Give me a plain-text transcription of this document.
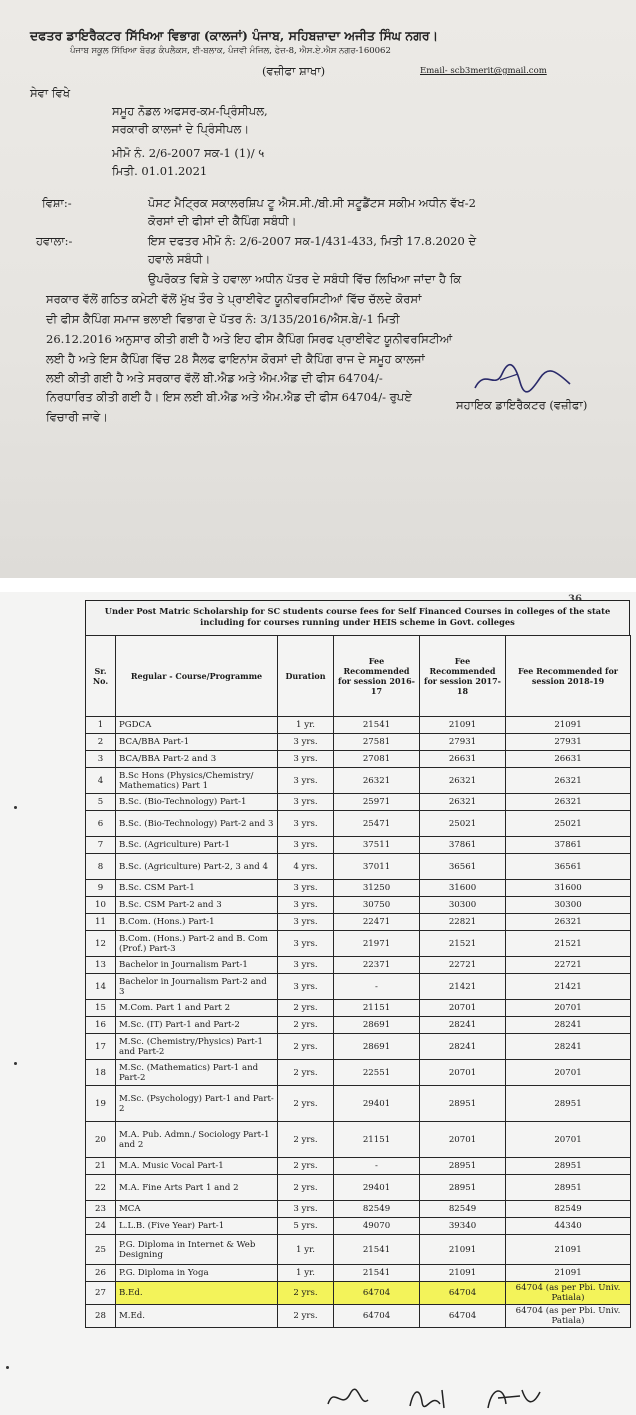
ਦਫਤਰ ਡਾਇਰੈਕਟਰ ਸਿੱਖਿਆ ਵਿਭਾਗ (ਕਾਲਜਾਂ) ਪੰਜਾਬ, ਸਹਿਬਜ਼ਾਦਾ ਅਜੀਤ ਸਿੰਘ ਨਗਰ।
ਪੰਜਾਬ ਸਕੂਲ ਸਿੱਖਿਆ ਬੋਰਡ ਕੰਪਲੈਕਸ, ਈ-ਬਲਾਕ, ਪੰਜਵੀ ਮੰਜਿਲ, ਫੇਜ਼-8, ਐਸ.ਏ.ਐਸ ਨਗਰ-160062
(ਵਜ਼ੀਫਾ ਸ਼ਾਖਾ)	Email- scb3merit@gmail.com
ਸੇਵਾ ਵਿਖੇ
ਸਮੂਹ ਨੋਡਲ ਅਫਸਰ-ਕਮ-ਪ੍ਰਿੰਸੀਪਲ,
ਸਰਕਾਰੀ ਕਾਲਜਾਂ ਦੇ ਪ੍ਰਿੰਸੀਪਲ।
ਮੀਮੋ ਨੰ. 2/6-2007 ਸਕ-1 (1)/ ५
ਮਿਤੀ. 01.01.2021
ਵਿਸ਼ਾ:-	ਪੋਸਟ ਮੈਟ੍ਰਿਕ ਸਕਾਲਰਸ਼ਿਪ ਟੂ ਐਸ.ਸੀ./ਬੀ.ਸੀ ਸਟੂਡੈਂਟਸ ਸਕੀਮ ਅਧੀਨ ਵੱਖ-2
ਕੋਰਸਾਂ ਦੀ ਫੀਸਾਂ ਦੀ ਕੈਪਿੰਗ ਸਬੰਧੀ।
ਹਵਾਲਾ:-	ਇਸ ਦਫਤਰ ਮੀਮੋ ਨੰ: 2/6-2007 ਸਕ-1/431-433, ਮਿਤੀ 17.8.2020 ਦੇ
ਹਵਾਲੇ ਸਬੰਧੀ।
ਉਪਰੋਕਤ ਵਿਸ਼ੇ ਤੇ ਹਵਾਲਾ ਅਧੀਨ ਪੱਤਰ ਦੇ ਸਬੰਧੀ ਵਿੱਚ ਲਿਖਿਆ ਜਾਂਦਾ ਹੈ ਕਿ
ਸਰਕਾਰ ਵੱਲੋਂ ਗਠਿਤ ਕਮੇਟੀ ਵੱਲੋਂ ਮੁੱਖ ਤੌਰ ਤੇ ਪ੍ਰਾਈਵੇਟ ਯੂਨੀਵਰਸਿਟੀਆਂ ਵਿੱਚ ਚੱਲਦੇ ਕੋਰਸਾਂ
ਦੀ ਫੀਸ ਕੈਪਿੰਗ ਸਮਾਜ ਭਲਾਈ ਵਿਭਾਗ ਦੇ ਪੱਤਰ ਨੰ: 3/135/2016/ਐਸ.ਬੇ/-1 ਮਿਤੀ
26.12.2016 ਅਨੁਸਾਰ ਕੀਤੀ ਗਈ ਹੈ ਅਤੇ ਇਹ ਫੀਸ ਕੈਪਿੰਗ ਸਿਰਫ ਪ੍ਰਾਈਵੇਟ ਯੂਨੀਵਰਸਿਟੀਆਂ
ਲਈ ਹੈ ਅਤੇ ਇਸ ਕੈਪਿੰਗ ਵਿੱਚ 28 ਸੈਲਫ ਫਾਇਨਾਂਸ ਕੋਰਸਾਂ ਦੀ ਕੈਪਿੰਗ ਰਾਜ ਦੇ ਸਮੂਹ ਕਾਲਜਾਂ
ਲਈ ਕੀਤੀ ਗਈ ਹੈ ਅਤੇ ਸਰਕਾਰ ਵੱਲੋਂ ਬੀ.ਐਡ ਅਤੇ ਐਮ.ਐਡ ਦੀ ਫੀਸ 64704/-
ਨਿਰਧਾਰਿਤ ਕੀਤੀ ਗਈ ਹੈ। ਇਸ ਲਈ ਬੀ.ਐਡ ਅਤੇ ਐਮ.ਐਡ ਦੀ ਫੀਸ 64704/- ਰੁਪਏ
ਵਿਚਾਰੀ ਜਾਵੇ।
ਸਹਾਇਕ ਡਾਇਰੈਕਟਰ (ਵਜ਼ੀਫਾ)
Under Post Matric Scholarship for SC students course fees for Self Financed Courses in colleges of the state including for courses running under HEIS scheme in Govt. colleges
Sr. No.	Regular - Course/Programme	Duration	Fee Recommended for session 2016-17	Fee Recommended for session 2017-18	Fee Recommended for session 2018-19
1	PGDCA	1 yr.	21541	21091	21091
2	BCA/BBA Part-1	3 yrs.	27581	27931	27931
3	BCA/BBA Part-2 and 3	3 yrs.	27081	26631	26631
4	B.Sc Hons (Physics/Chemistry/ Mathematics) Part 1	3 yrs.	26321	26321	26321
5	B.Sc. (Bio-Technology) Part-1	3 yrs.	25971	26321	26321
6	B.Sc. (Bio-Technology) Part-2 and 3	3 yrs.	25471	25021	25021
7	B.Sc. (Agriculture) Part-1	3 yrs.	37511	37861	37861
8	B.Sc. (Agriculture) Part-2, 3 and 4	4 yrs.	37011	36561	36561
9	B.Sc. CSM Part-1	3 yrs.	31250	31600	31600
10	B.Sc. CSM Part-2 and 3	3 yrs.	30750	30300	30300
11	B.Com. (Hons.) Part-1	3 yrs.	22471	22821	26321
12	B.Com. (Hons.) Part-2 and B. Com (Prof.) Part-3	3 yrs.	21971	21521	21521
13	Bachelor in Journalism Part-1	3 yrs.	22371	22721	22721
14	Bachelor in Journalism Part-2 and 3	3 yrs.	-	21421	21421
15	M.Com. Part 1 and Part 2	2 yrs.	21151	20701	20701
16	M.Sc. (IT) Part-1 and Part-2	2 yrs.	28691	28241	28241
17	M.Sc. (Chemistry/Physics) Part-1 and Part-2	2 yrs.	28691	28241	28241
18	M.Sc. (Mathematics) Part-1 and Part-2	2 yrs.	22551	20701	20701
19	M.Sc. (Psychology) Part-1 and Part-2	2 yrs.	29401	28951	28951
20	M.A. Pub. Admn./ Sociology Part-1 and 2	2 yrs.	21151	20701	20701
21	M.A. Music Vocal Part-1	2 yrs.	-	28951	28951
22	M.A. Fine Arts Part 1 and 2	2 yrs.	29401	28951	28951
23	MCA	3 yrs.	82549	82549	82549
24	L.L.B. (Five Year) Part-1	5 yrs.	49070	39340	44340
25	P.G. Diploma in Internet & Web Designing	1 yr.	21541	21091	21091
26	P.G. Diploma in Yoga	1 yr.	21541	21091	21091
27	B.Ed.	2 yrs.	64704	64704	64704 (as per Pbi. Univ. Patiala)
28	M.Ed.	2 yrs.	64704	64704	64704 (as per Pbi. Univ. Patiala)
